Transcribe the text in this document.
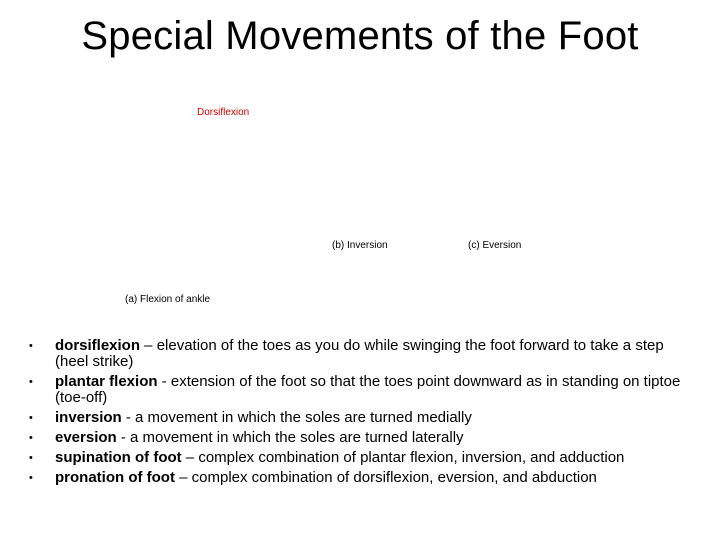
Special Movements of the Foot
Dorsiflexion
(b) Inversion	(c) Eversion
(a) Flexion of ankle
• dorsiflexion – elevation of the toes as you do while swinging the foot forward to take a step (heel strike)
• plantar flexion - extension of the foot so that the toes point downward as in standing on tiptoe (toe-off)
• inversion - a movement in which the soles are turned medially
• eversion - a movement in which the soles are turned laterally
• supination of foot – complex combination of plantar flexion, inversion, and adduction
• pronation of foot – complex combination of dorsiflexion, eversion, and abduction
